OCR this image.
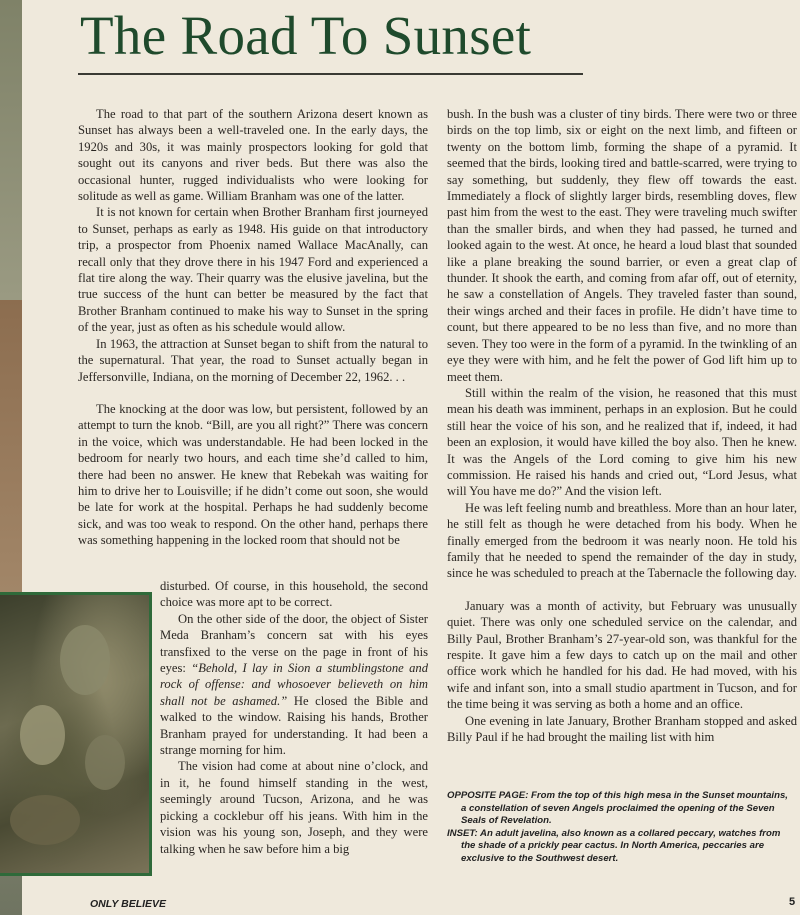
The Road To Sunset

The road to that part of the southern Arizona desert known as Sunset has always been a well-traveled one. In the early days, the 1920s and 30s, it was mainly prospectors looking for gold that sought out its canyons and river beds. But there was also the occasional hunter, rugged individualists who were looking for solitude as well as game. William Branham was one of the latter.

It is not known for certain when Brother Branham first journeyed to Sunset, perhaps as early as 1948. His guide on that introductory trip, a prospector from Phoenix named Wallace MacAnally, can recall only that they drove there in his 1947 Ford and experienced a flat tire along the way. Their quarry was the elusive javelina, but the true success of the hunt can better be measured by the fact that Brother Branham continued to make his way to Sunset in the spring of the year, just as often as his schedule would allow.

In 1963, the attraction at Sunset began to shift from the natural to the supernatural. That year, the road to Sunset actually began in Jeffersonville, Indiana, on the morning of December 22, 1962. . .

The knocking at the door was low, but persistent, followed by an attempt to turn the knob. “Bill, are you all right?” There was concern in the voice, which was understandable. He had been locked in the bedroom for nearly two hours, and each time she’d called to him, there had been no answer. He knew that Rebekah was waiting for him to drive her to Louisville; if he didn’t come out soon, she would be late for work at the hospital. Perhaps he had suddenly become sick, and was too weak to respond. On the other hand, perhaps there was something happening in the locked room that should not be

disturbed. Of course, in this household, the second choice was more apt to be correct.

On the other side of the door, the object of Sister Meda Branham’s concern sat with his eyes transfixed to the verse on the page in front of his eyes: “Behold, I lay in Sion a stumblingstone and rock of offense: and whosoever believeth on him shall not be ashamed.” He closed the Bible and walked to the window. Raising his hands, Brother Branham prayed for understanding. It had been a strange morning for him.

The vision had come at about nine o’clock, and in it, he found himself standing in the west, seemingly around Tucson, Arizona, and he was picking a cocklebur off his jeans. With him in the vision was his young son, Joseph, and they were talking when he saw before him a big

bush. In the bush was a cluster of tiny birds. There were two or three birds on the top limb, six or eight on the next limb, and fifteen or twenty on the bottom limb, forming the shape of a pyramid. It seemed that the birds, looking tired and battle-scarred, were trying to say something, but suddenly, they flew off towards the east. Immediately a flock of slightly larger birds, resembling doves, flew past him from the west to the east. They were traveling much swifter than the smaller birds, and when they had passed, he turned and looked again to the west. At once, he heard a loud blast that sounded like a plane breaking the sound barrier, or even a great clap of thunder. It shook the earth, and coming from afar off, out of eternity, he saw a constellation of Angels. They traveled faster than sound, their wings arched and their faces in profile. He didn’t have time to count, but there appeared to be no less than five, and no more than seven. They too were in the form of a pyramid. In the twinkling of an eye they were with him, and he felt the power of God lift him up to meet them.

Still within the realm of the vision, he reasoned that this must mean his death was imminent, perhaps in an explosion. But he could still hear the voice of his son, and he realized that if, indeed, it had been an explosion, it would have killed the boy also. Then he knew. It was the Angels of the Lord coming to give him his new commission. He raised his hands and cried out, “Lord Jesus, what will You have me do?” And the vision left.

He was left feeling numb and breathless. More than an hour later, he still felt as though he were detached from his body. When he finally emerged from the bedroom it was nearly noon. He told his family that he needed to spend the remainder of the day in study, since he was scheduled to preach at the Tabernacle the following day.

January was a month of activity, but February was unusually quiet. There was only one scheduled service on the calendar, and Billy Paul, Brother Branham’s 27-year-old son, was thankful for the respite. It gave him a few days to catch up on the mail and other office work which he handled for his dad. He had moved, with his wife and infant son, into a small studio apartment in Tucson, and for the time being it was serving as both a home and an office.

One evening in late January, Brother Branham stopped and asked Billy Paul if he had brought the mailing list with him

OPPOSITE PAGE: From the top of this high mesa in the Sunset mountains, a constellation of seven Angels proclaimed the opening of the Seven Seals of Revelation.

INSET: An adult javelina, also known as a collared peccary, watches from the shade of a prickly pear cactus. In North America, peccaries are exclusive to the Southwest desert.

ONLY BELIEVE	5
